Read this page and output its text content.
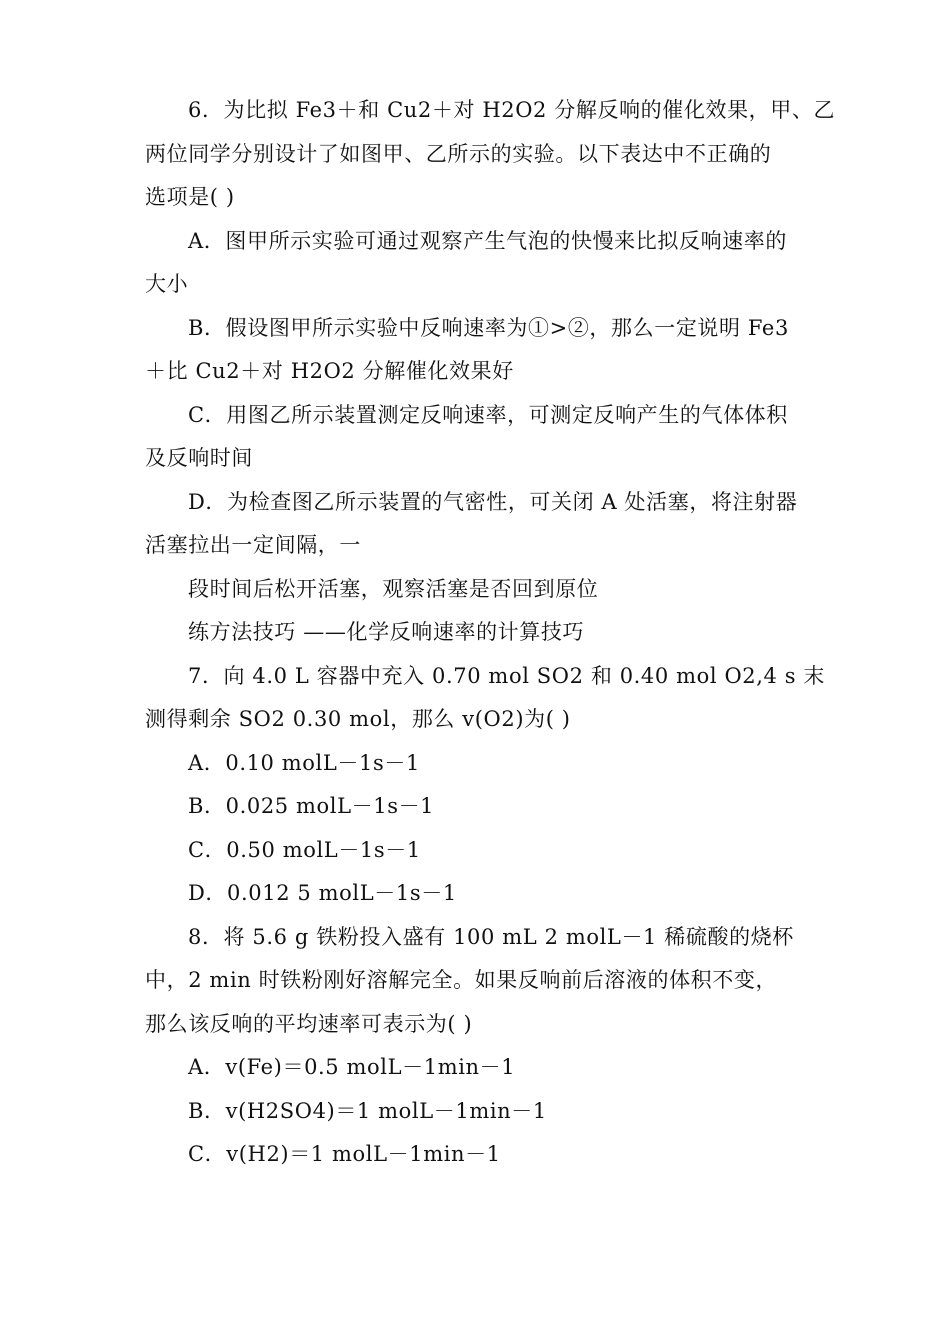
6．为比拟 Fe3＋和 Cu2＋对 H2O2 分解反响的催化效果，甲、乙
两位同学分别设计了如图甲、乙所示的实验。以下表达中不正确的
选项是( )
A．图甲所示实验可通过观察产生气泡的快慢来比拟反响速率的
大小
B．假设图甲所示实验中反响速率为①>②，那么一定说明 Fe3
＋比 Cu2＋对 H2O2 分解催化效果好
C．用图乙所示装置测定反响速率，可测定反响产生的气体体积
及反响时间
D．为检查图乙所示装置的气密性，可关闭 A 处活塞，将注射器
活塞拉出一定间隔，一
段时间后松开活塞，观察活塞是否回到原位
练方法技巧 ——化学反响速率的计算技巧
7．向 4.0 L 容器中充入 0.70 mol SO2 和 0.40 mol O2,4 s 末
测得剩余 SO2 0.30 mol，那么 v(O2)为( )
A．0.10 molL－1s－1
B．0.025 molL－1s－1
C．0.50 molL－1s－1
D．0.012 5 molL－1s－1
8．将 5.6 g 铁粉投入盛有 100 mL 2 molL－1 稀硫酸的烧杯
中，2 min 时铁粉刚好溶解完全。如果反响前后溶液的体积不变，
那么该反响的平均速率可表示为( )
A．v(Fe)＝0.5 molL－1min－1
B．v(H2SO4)＝1 molL－1min－1
C．v(H2)＝1 molL－1min－1
